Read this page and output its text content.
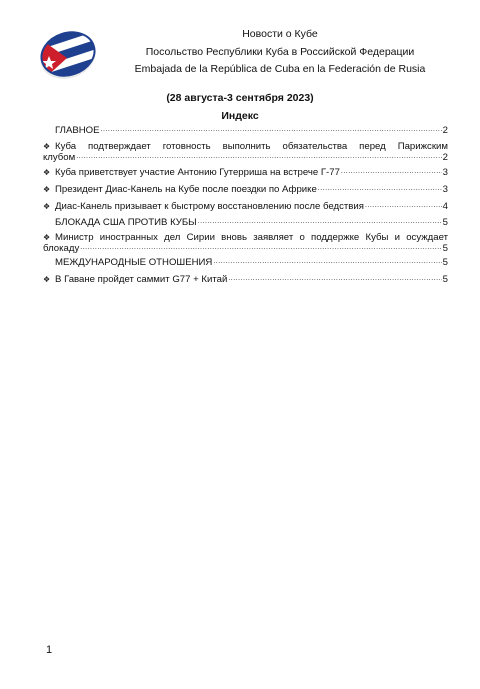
Новости о Кубе
Посольство Республики Куба в Российской Федерации
Embajada de la República de Cuba en la Federación de Rusia
(28 августа-3 сентября 2023)
Индекс
ГЛАВНОЕ .....	2
❖ Куба подтверждает готовность выполнить обязательства перед Парижским
клубом .....	2
❖ Куба приветствует участие Антонию Гутерриша на встрече Г-77 .....	3
❖ Президент Диас-Канель на Кубе после поездки по Африке .....	3
❖ Диас-Канель призывает к быстрому восстановлению после бедствия .....	4
БЛОКАДА США ПРОТИВ КУБЫ .....	5
❖ Министр иностранных дел Сирии вновь заявляет о поддержке Кубы и осуждает
блокаду .....	5
МЕЖДУНАРОДНЫЕ ОТНОШЕНИЯ .....	5
❖ В Гаване пройдет саммит G77 + Китай .....	5
1
